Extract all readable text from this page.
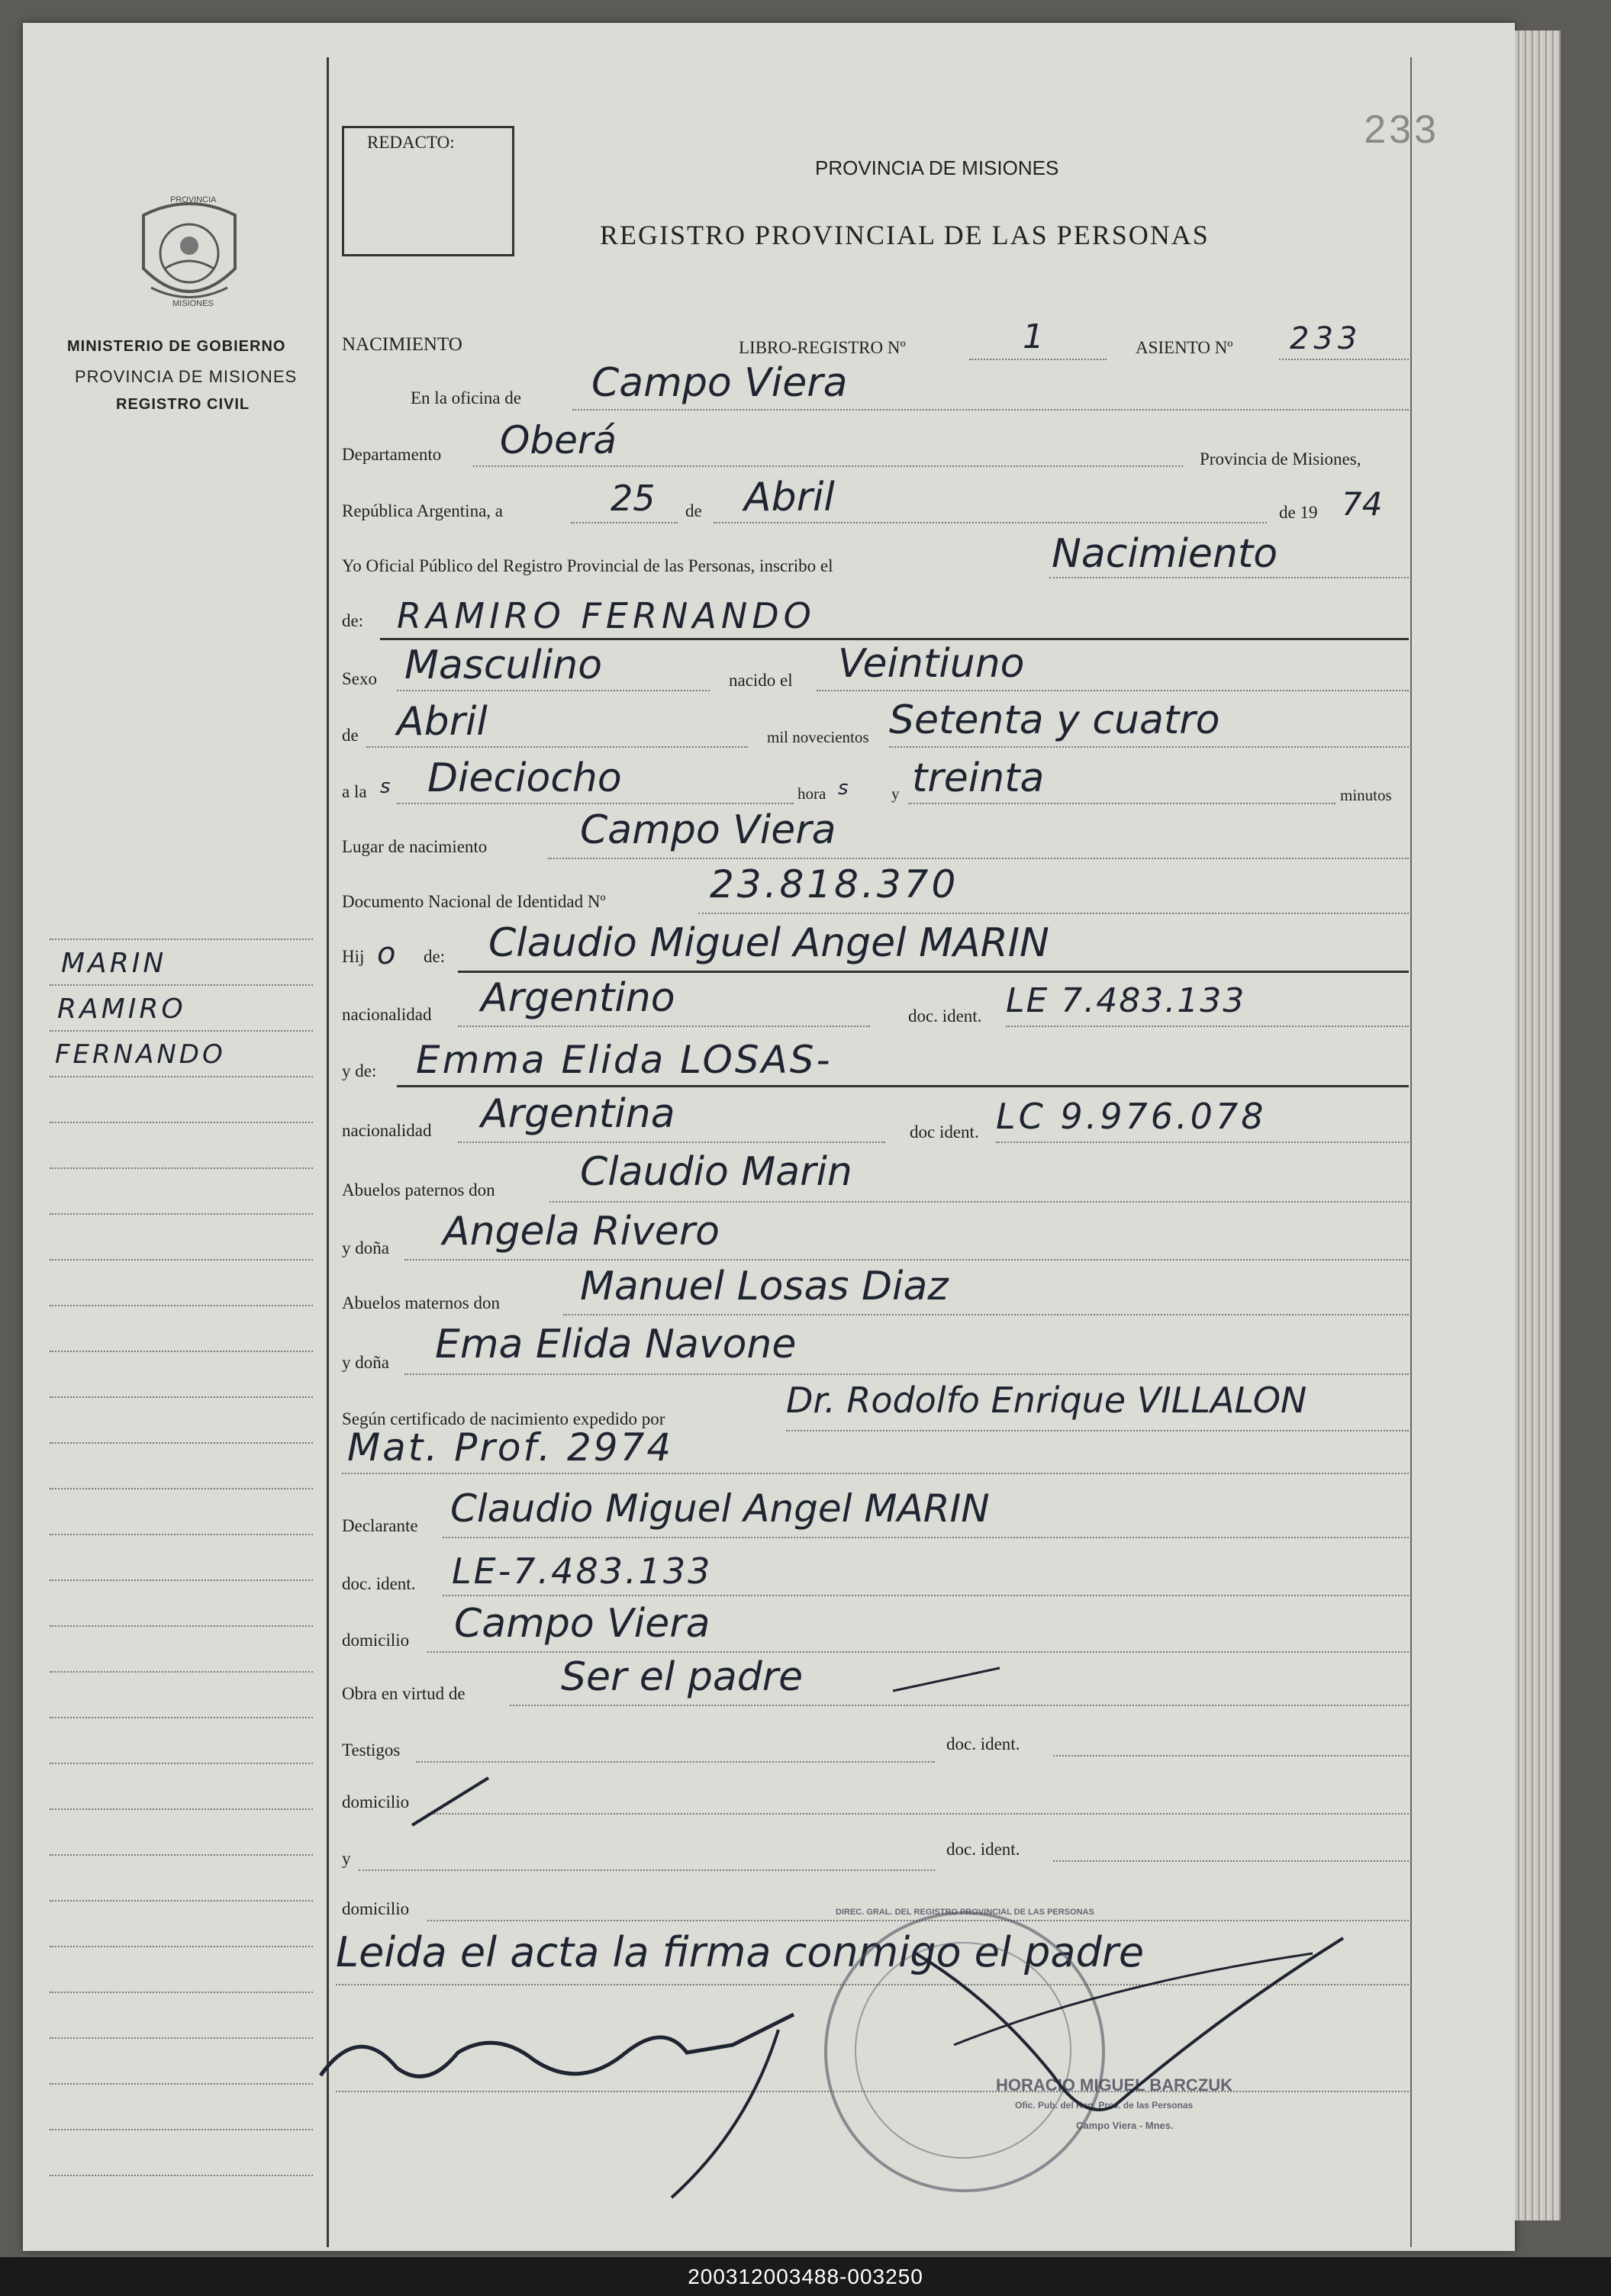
233
REDACTO:
PROVINCIA DE MISIONES
REGISTRO PROVINCIAL DE LAS PERSONAS
PROVINCIA
MISIONES
MINISTERIO DE GOBIERNO
PROVINCIA DE MISIONES
REGISTRO CIVIL
MARIN
RAMIRO
FERNANDO
NACIMIENTO	LIBRO-REGISTRO Nº	1	ASIENTO Nº 233
En la oficina de Campo Viera
Departamento Oberá	Provincia de Misiones,
República Argentina, a	25 de Abril	de 19 74
Yo Oficial Público del Registro Provincial de las Personas, inscribo el	Nacimiento
de: RAMIRO FERNANDO
Sexo Masculino	nacido el Veintiuno
de Abril	mil novecientos Setenta y cuatro
a la s Dieciocho	hora s	y treinta	minutos
Lugar de nacimiento Campo Viera
Documento Nacional de Identidad Nº	23.818.370
Hij o de: Claudio Miguel Angel MARIN
nacionalidad Argentino	doc. ident. LE 7.483.133
y de: Emma Elida LOSAS-
nacionalidad Argentina	doc ident. LC 9.976.078
Abuelos paternos don Claudio Marin
y doña Angela Rivero
Abuelos maternos don Manuel Losas Diaz
y doña Ema Elida Navone
Según certificado de nacimiento expedido por	Dr. Rodolfo Enrique VILLALON
Mat. Prof. 2974
Declarante Claudio Miguel Angel MARIN
doc. ident. LE-7.483.133
domicilio Campo Viera
Obra en virtud de Ser el padre
Testigos	doc. ident.
domicilio
y	doc. ident.
domicilio
Leida el acta la firma conmigo el padre
DIREC. GRAL. DEL REGISTRO PROVINCIAL DE LAS PERSONAS
HORACIO MIGUEL BARCZUK
Ofic. Pub. del Reg. Prov. de las Personas
Campo Viera - Mnes.
200312003488-003250
